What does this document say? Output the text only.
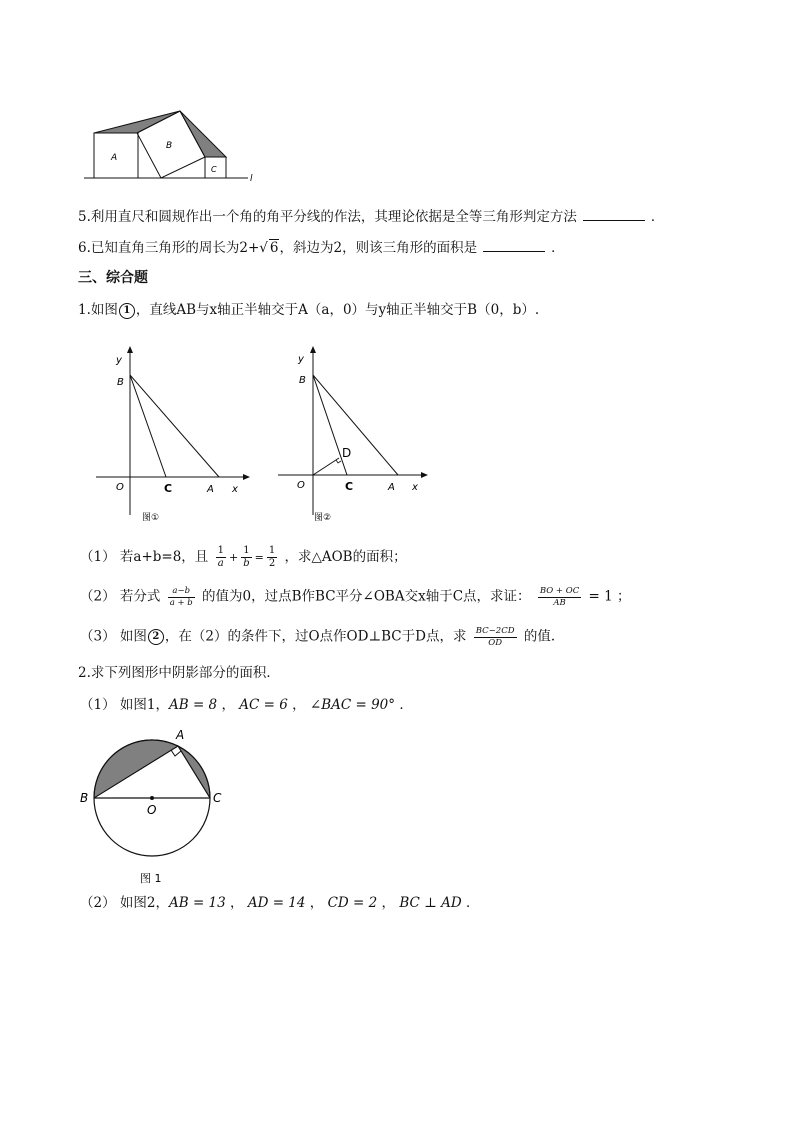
A
B
C
l
5.利用直尺和圆规作出一个角的角平分线的作法，其理论依据是全等三角形判定方法	．
6.已知直角三角形的周长为2+√ 6，斜边为2，则该三角形的面积是	．
三、综合题
1.如图 1 ，直线AB与x轴正半轴交于A（a，0）与y轴正半轴交于B（0，b）.
y
B
O	C	A x
图①
y
B
D
O	C	A x
图②
（1） 若a+b=8，且 $\frac{1}{a} + \frac{1}{b} = \frac{1}{2}$ ，求△AOB的面积；
（2） 若分式 $\frac{a-b}{a + b}$ 的值为0，过点B作BC平分∠OBA交x轴于C点，求证： $\frac{BO + OC}{AB} = 1$ ；
（3） 如图 2 ，在（2）的条件下，过O点作OD⊥BC于D点，求 $\frac{BC-2CD}{OD}$ 的值.
2.求下列图形中阴影部分的面积．
（1） 如图1，AB = 8 ， AC = 6 ， ∠BAC = 90° ．
A
B
O
C
图 1
（2） 如图2，AB = 13 ， AD = 14 ， CD = 2 ， BC ⊥ AD ．
